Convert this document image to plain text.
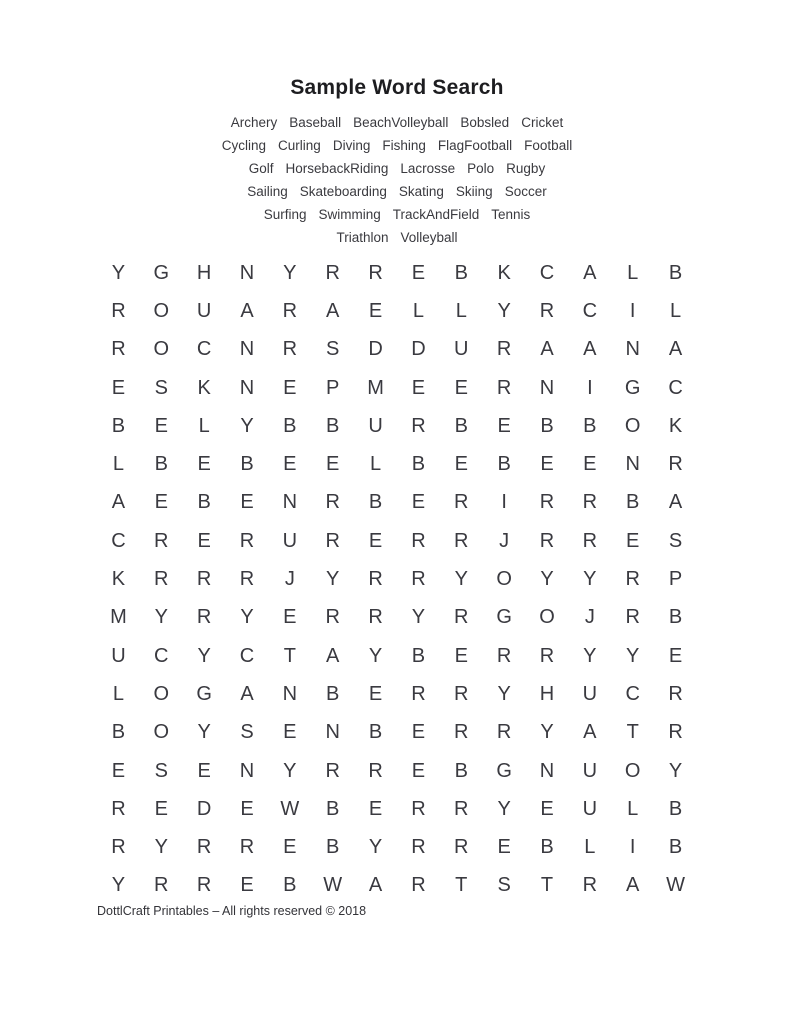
Sample Word Search
Archery Baseball BeachVolleyball Bobsled Cricket
Cycling Curling Diving Fishing FlagFootball Football
Golf HorsebackRiding Lacrosse Polo Rugby
Sailing Skateboarding Skating Skiing Soccer
Surfing Swimming TrackAndField Tennis
Triathlon Volleyball
Y	G	H	N	Y	R	R	E	B	K	C	A	L	B
R	O	U	A	R	A	E	L	L	Y	R	C	I	L
R	O	C	N	R	S	D	D	U	R	A	A	N	A
E	S	K	N	E	P	M	E	E	R	N	I	G	C
B	E	L	Y	B	B	U	R	B	E	B	B	O	K
L	B	E	B	E	E	L	B	E	B	E	E	N	R
A	E	B	E	N	R	B	E	R	I	R	R	B	A
C	R	E	R	U	R	E	R	R	J	R	R	E	S
K	R	R	R	J	Y	R	R	Y	O	Y	Y	R	P
M	Y	R	Y	E	R	R	Y	R	G	O	J	R	B
U	C	Y	C	T	A	Y	B	E	R	R	Y	Y	E
L	O	G	A	N	B	E	R	R	Y	H	U	C	R
B	O	Y	S	E	N	B	E	R	R	Y	A	T	R
E	S	E	N	Y	R	R	E	B	G	N	U	O	Y
R	E	D	E	W	B	E	R	R	Y	E	U	L	B
R	Y	R	R	E	B	Y	R	R	E	B	L	I	B
Y	R	R	E	B	W	A	R	T	S	T	R	A	W
DottlCraft Printables – All rights reserved © 2018
